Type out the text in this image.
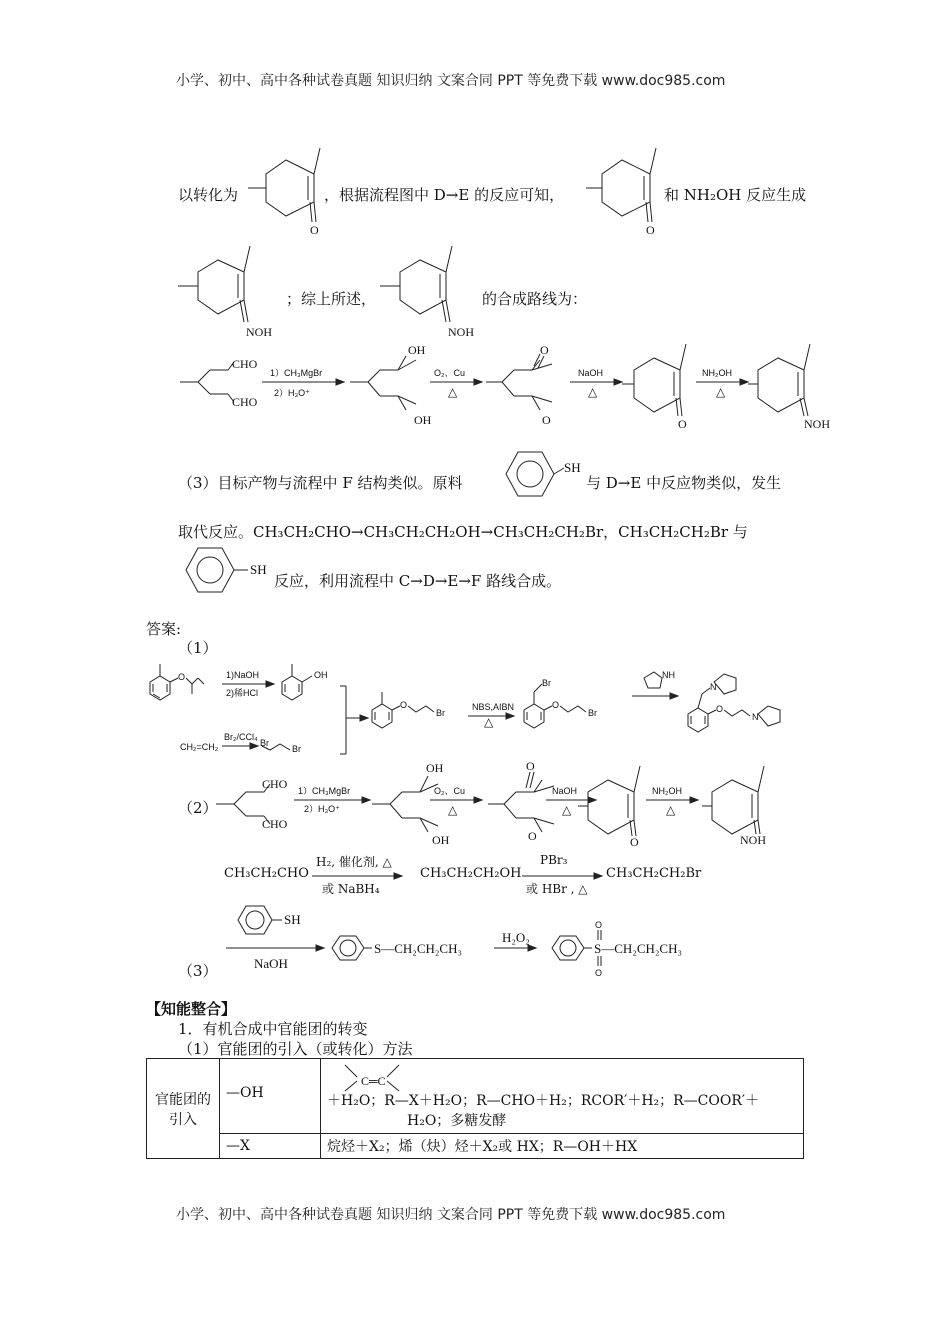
小学、初中、高中各种试卷真题 知识归纳 文案合同 PPT 等免费下载 www.doc985.com
以转化为
O
，根据流程图中 D→E 的反应可知，
O
和 NH₂OH 反应生成
NOH
；综上所述，
NOH
的合成路线为：
CHO
CHO
1）CH₃MgBr
2）H₃O⁺
OH
OH
O₂、Cu
△
O
O
NaOH
△
O
NH₂OH
△
NOH
（3）目标产物与流程中 F 结构类似。原料
SH
与 D→E 中反应物类似，发生
取代反应。CH₃CH₂CHO→CH₃CH₂CH₂OH→CH₃CH₂CH₂Br，CH₃CH₂CH₂Br 与
SH
反应，利用流程中 C→D→E→F 路线合成。
答案:
（1）
O	1)NaOH
2)稀HCl
OH
O
Br
NBS,AIBN
△
Br
O
Br
NH
N
O
N
CH₂=CH₂
Br₂/CCl₄
Br
Br
（2）
CHO
CHO
1）CH₃MgBr
2）H₃O⁺
OH
OH
O₂、Cu
△
O
O
NaOH
△
O
NH₂OH
△
NOH
CH₃CH₂CHO
H₂, 催化剂, △
或 NaBH₄
CH₃CH₂CH₂OH
PBr₃
或 HBr , △
CH₃CH₂CH₂Br
（3）
SH
NaOH
S—CH₂CH₂CH₃
H₂O₂
S—CH₂CH₂CH₃
O
O
【知能整合】
1．有机合成中官能团的转变
（1）官能团的引入（或转化）方法
官能团的引入	—OH	C═C
＋H₂O；R—X＋H₂O；R—CHO＋H₂；RCOR′＋H₂；R—COOR′＋H₂O；多糖发酵

	—X	烷烃＋X₂；烯（炔）烃＋X₂或 HX；R—OH＋HX
小学、初中、高中各种试卷真题 知识归纳 文案合同 PPT 等免费下载 www.doc985.com
